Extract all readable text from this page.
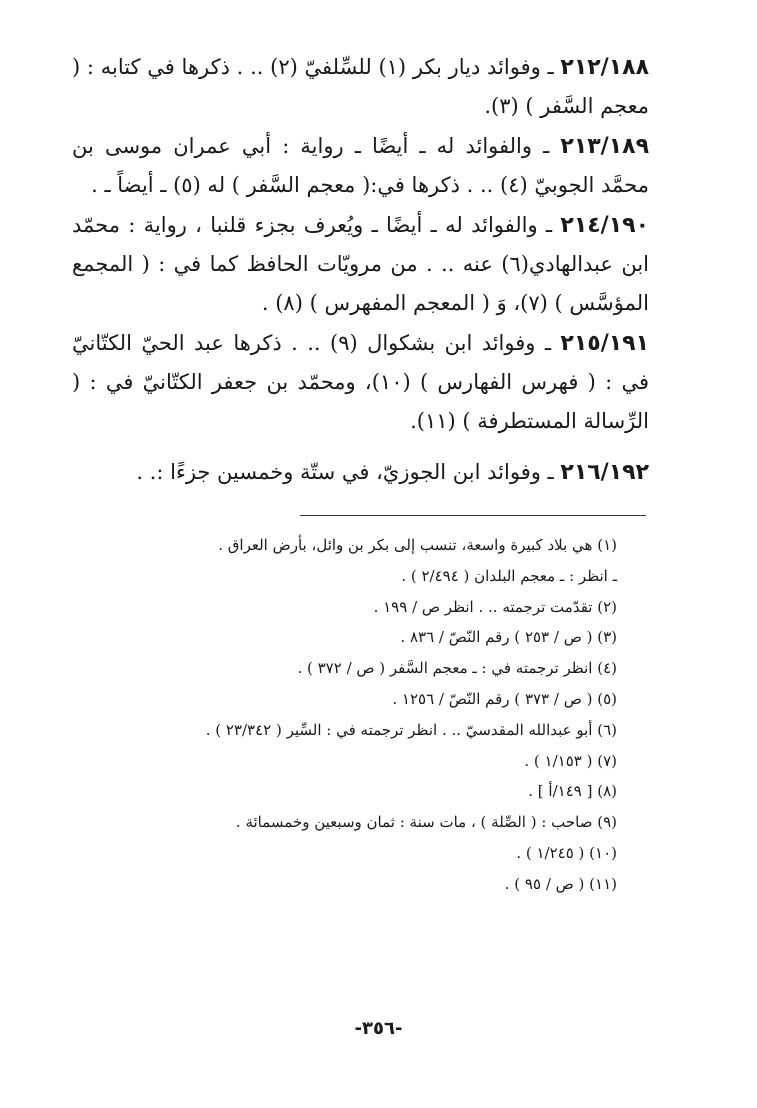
٢١٢/١٨٨ ـ وفوائد ديار بكر (١) للسِّلفيّ (٢) .. . ذكرها في كتابه : ( معجم السَّفر ) (٣).

٢١٣/١٨٩ ـ والفوائد له ـ أيضًا ـ رواية : أبي عمران موسى بن محمَّد الجوبيّ (٤) .. . ذكرها في:( معجم السَّفر ) له (٥) ـ أيضاً ـ .

٢١٤/١٩٠ ـ والفوائد له ـ أيضًا ـ ويُعرف بجزء قلنبا ، رواية : محمّد ابن عبدالهادي(٦) عنه .. . من مرويّات الحافظ كما في : ( المجمع المؤسَّس ) (٧)، وَ ( المعجم المفهرس ) (٨) .

٢١٥/١٩١ ـ وفوائد ابن بشكوال (٩) .. . ذكرها عبد الحيّ الكتّانيّ في : ( فهرس الفهارس ) (١٠)، ومحمّد بن جعفر الكتّانيّ في : ( الرِّسالة المستطرفة ) (١١).

٢١٦/١٩٢ ـ وفوائد ابن الجوزيّ، في ستّة وخمسين جزءًا :. .

(١) هي بلاد كبيرة واسعة، تنسب إلى بكر بن وائل، بأرض العراق .
ـ انظر : ـ معجم البلدان ( ٢/٤٩٤ ) .
(٢) تقدّمت ترجمته .. . انظر ص / ١٩٩ .
(٣) ( ص / ٢٥٣ ) رقم النّصّ / ٨٣٦ .
(٤) انظر ترجمته في : ـ معجم السَّفر ( ص / ٣٧٢ ) .
(٥) ( ص / ٣٧٣ ) رقم النّصّ / ١٢٥٦ .
(٦) أبو عبدالله المقدسيّ .. . انظر ترجمته في : السِّير ( ٢٣/٣٤٢ ) .
(٧) ( ١/١٥٣ ) .
(٨) [ ١٤٩/أ ] .
(٩) صاحب : ( الصِّلة ) ، مات سنة : ثمان وسبعين وخمسمائة .
(١٠) ( ١/٢٤٥ ) .
(١١) ( ص / ٩٥ ) .
-٣٥٦-
